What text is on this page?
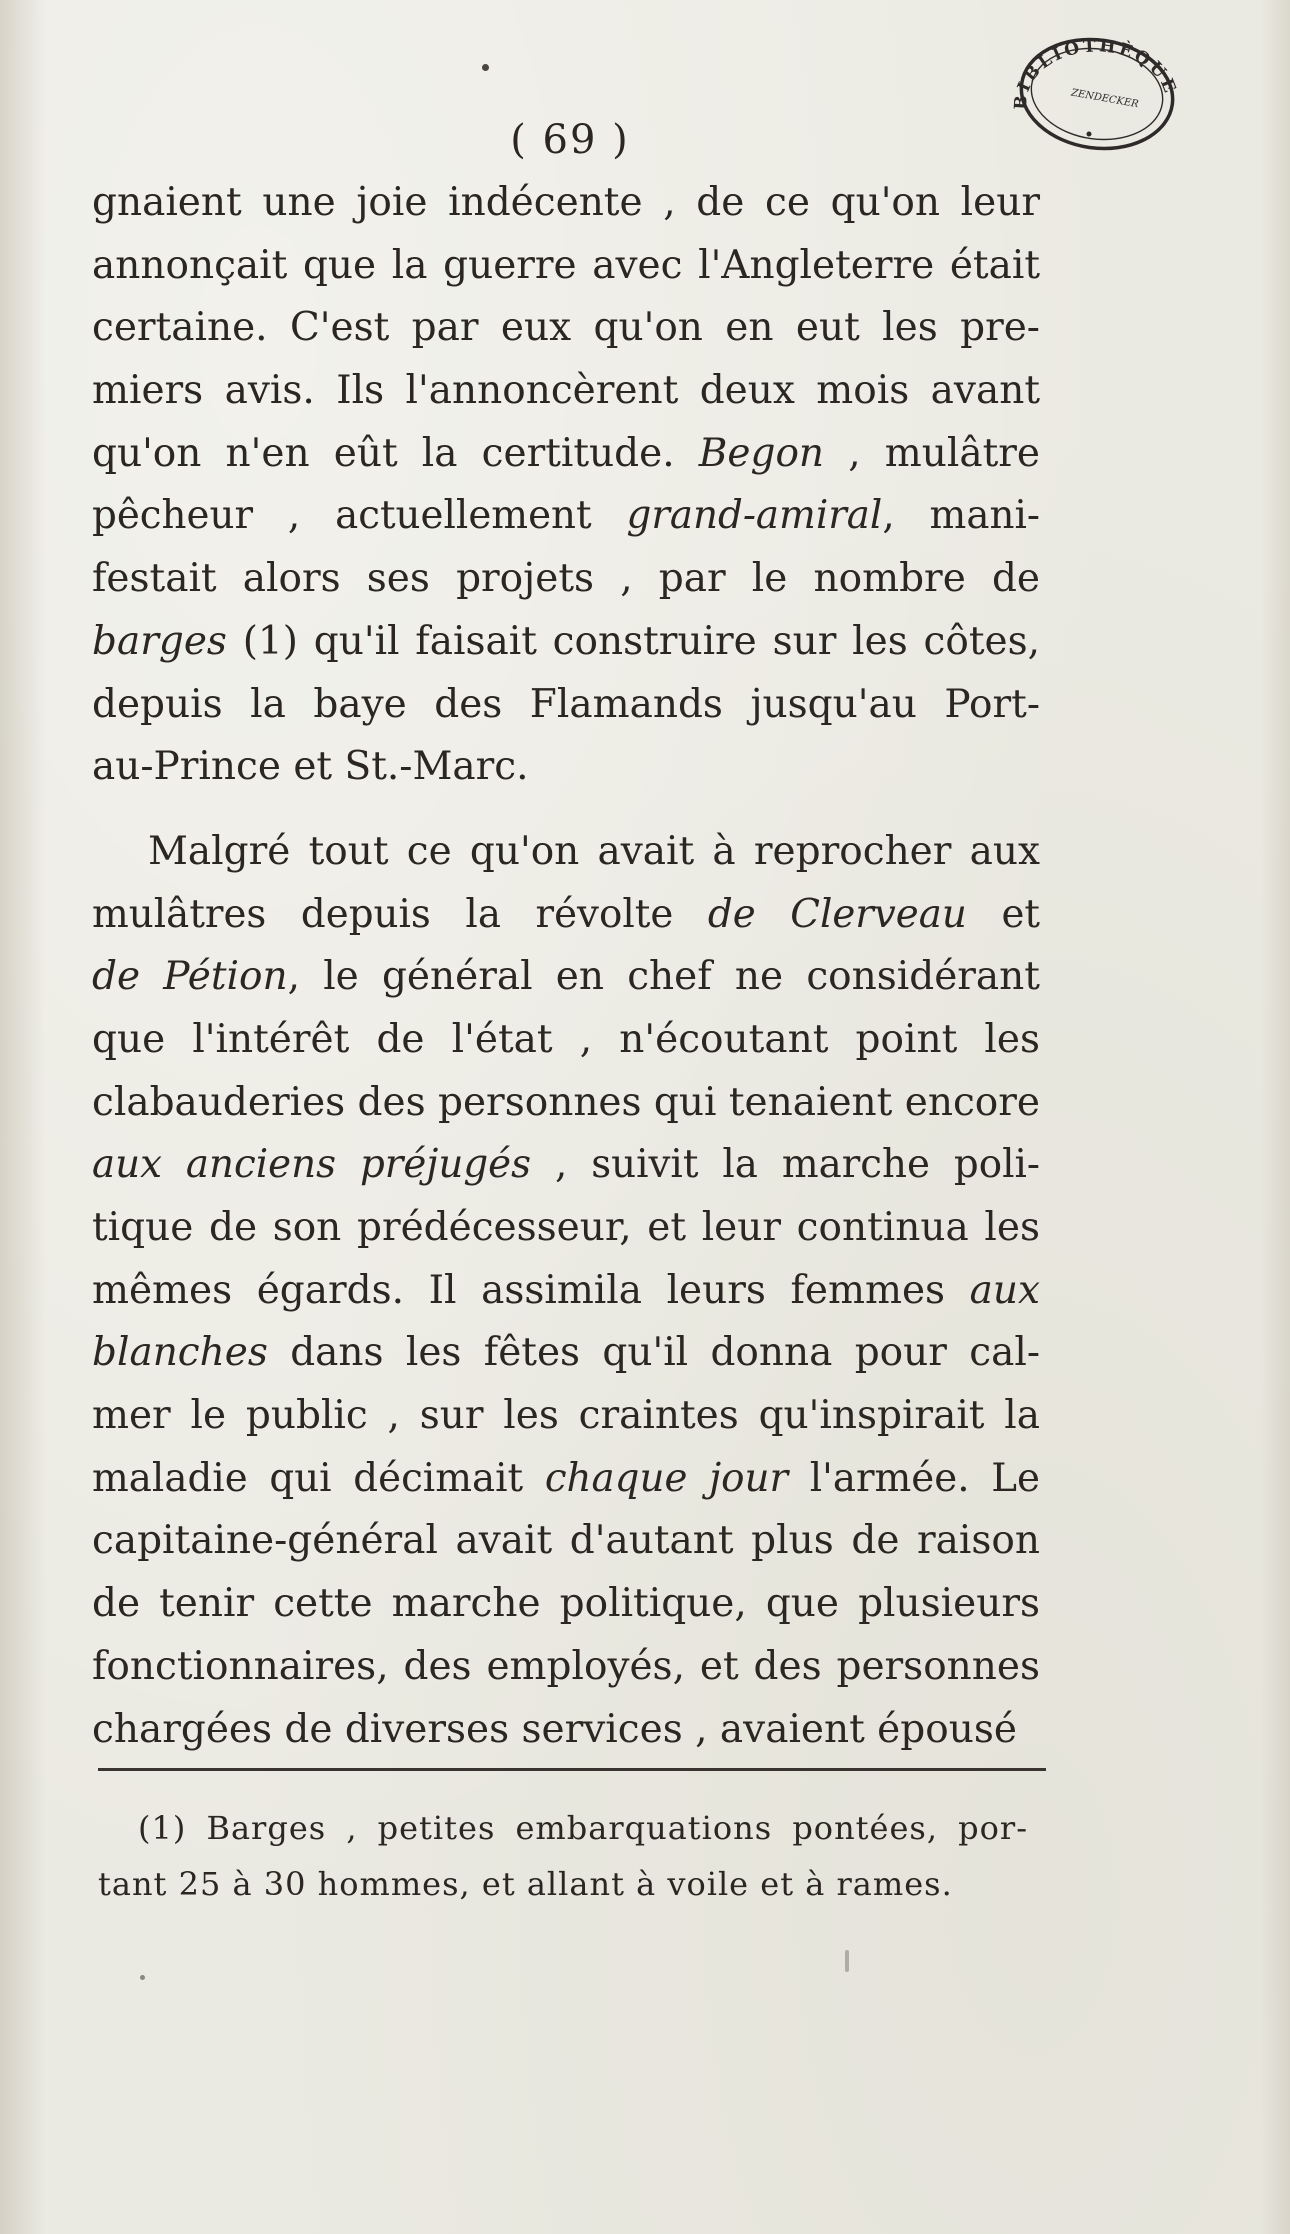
( 69 )
BIBLIOTHÈQUE
ZENDECKER
gnaient une joie indécente , de ce qu'on leur
annonçait que la guerre avec l'Angleterre était
certaine. C'est par eux qu'on en eut les pre-
miers avis. Ils l'annoncèrent deux mois avant
qu'on n'en eût la certitude. Begon , mulâtre
pêcheur , actuellement grand-amiral, mani-
festait alors ses projets , par le nombre de
barges (1) qu'il faisait construire sur les côtes,
depuis la baye des Flamands jusqu'au Port-
au-Prince et St.-Marc.
Malgré tout ce qu'on avait à reprocher aux
mulâtres depuis la révolte de Clerveau et
de Pétion, le général en chef ne considérant
que l'intérêt de l'état , n'écoutant point les
clabauderies des personnes qui tenaient encore
aux anciens préjugés , suivit la marche poli-
tique de son prédécesseur, et leur continua les
mêmes égards. Il assimila leurs femmes aux
blanches dans les fêtes qu'il donna pour cal-
mer le public , sur les craintes qu'inspirait la
maladie qui décimait chaque jour l'armée. Le
capitaine-général avait d'autant plus de raison
de tenir cette marche politique, que plusieurs
fonctionnaires, des employés, et des personnes
chargées de diverses services , avaient épousé
(1) Barges , petites embarquations pontées, por-
tant 25 à 30 hommes, et allant à voile et à rames.
